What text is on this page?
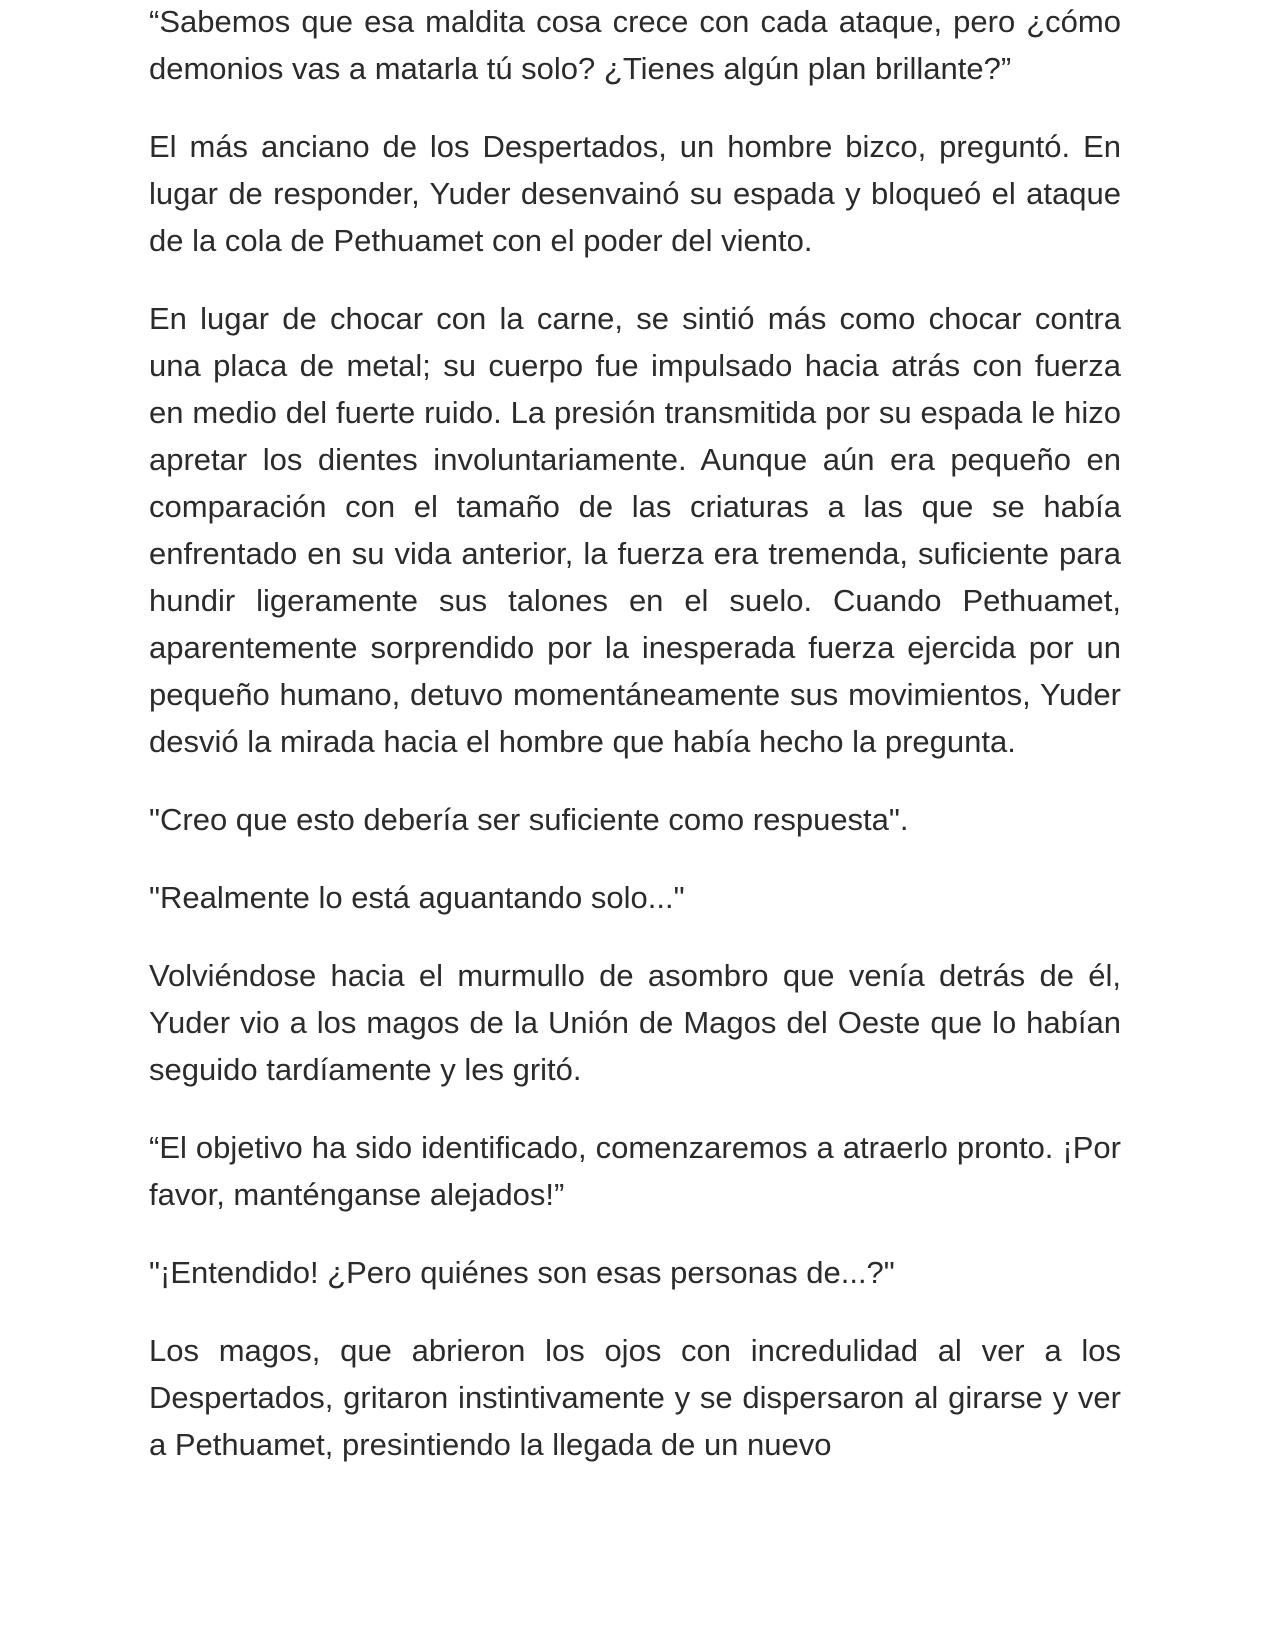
“Sabemos que esa maldita cosa crece con cada ataque, pero ¿cómo demonios vas a matarla tú solo? ¿Tienes algún plan brillante?”

El más anciano de los Despertados, un hombre bizco, preguntó. En lugar de responder, Yuder desenvainó su espada y bloqueó el ataque de la cola de Pethuamet con el poder del viento.

En lugar de chocar con la carne, se sintió más como chocar contra una placa de metal; su cuerpo fue impulsado hacia atrás con fuerza en medio del fuerte ruido. La presión transmitida por su espada le hizo apretar los dientes involuntariamente. Aunque aún era pequeño en comparación con el tamaño de las criaturas a las que se había enfrentado en su vida anterior, la fuerza era tremenda, suficiente para hundir ligeramente sus talones en el suelo. Cuando Pethuamet, aparentemente sorprendido por la inesperada fuerza ejercida por un pequeño humano, detuvo momentáneamente sus movimientos, Yuder desvió la mirada hacia el hombre que había hecho la pregunta.

"Creo que esto debería ser suficiente como respuesta".

"Realmente lo está aguantando solo..."

Volviéndose hacia el murmullo de asombro que venía detrás de él, Yuder vio a los magos de la Unión de Magos del Oeste que lo habían seguido tardíamente y les gritó.

“El objetivo ha sido identificado, comenzaremos a atraerlo pronto. ¡Por favor, manténganse alejados!”

"¡Entendido! ¿Pero quiénes son esas personas de...?"

Los magos, que abrieron los ojos con incredulidad al ver a los Despertados, gritaron instintivamente y se dispersaron al girarse y ver a Pethuamet, presintiendo la llegada de un nuevo
